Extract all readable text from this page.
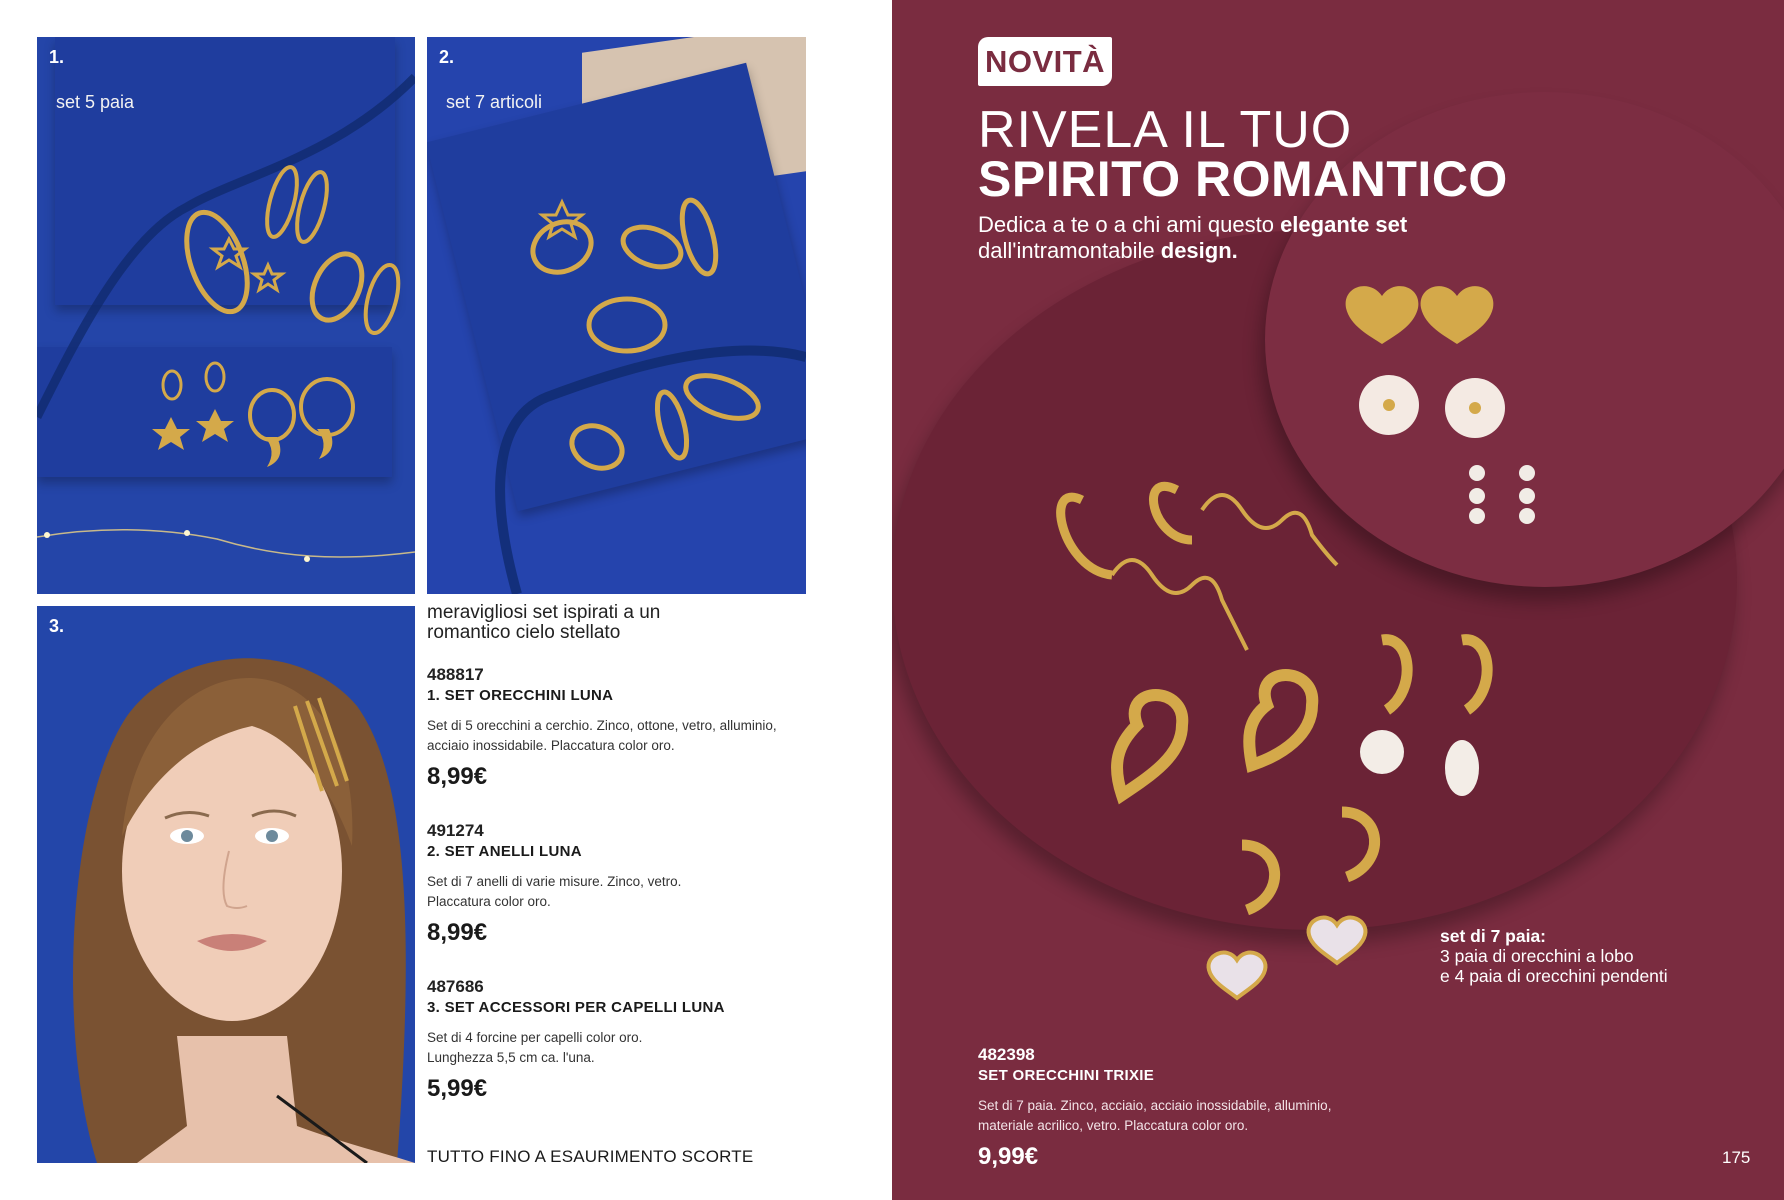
1.
set 5 paia
2.
set 7 articoli
3.
meravigliosi set ispirati a un romantico cielo stellato
488817
1. SET ORECCHINI LUNA
Set di 5 orecchini a cerchio. Zinco, ottone, vetro, alluminio, acciaio inossidabile. Placcatura color oro.
8,99€
491274
2. SET ANELLI LUNA
Set di 7 anelli di varie misure. Zinco, vetro. Placcatura color oro.
8,99€
487686
3. SET ACCESSORI PER CAPELLI LUNA
Set di 4 forcine per capelli color oro. Lunghezza 5,5 cm ca. l'una.
5,99€
TUTTO FINO A ESAURIMENTO SCORTE
NOVITÀ
RIVELA IL TUO
SPIRITO ROMANTICO
Dedica a te o a chi ami questo elegante set
dall'intramontabile design.
set di 7 paia:
3 paia di orecchini a lobo
e 4 paia di orecchini pendenti
482398
SET ORECCHINI TRIXIE
Set di 7 paia. Zinco, acciaio, acciaio inossidabile, alluminio, materiale acrilico, vetro. Placcatura color oro.
9,99€	175
